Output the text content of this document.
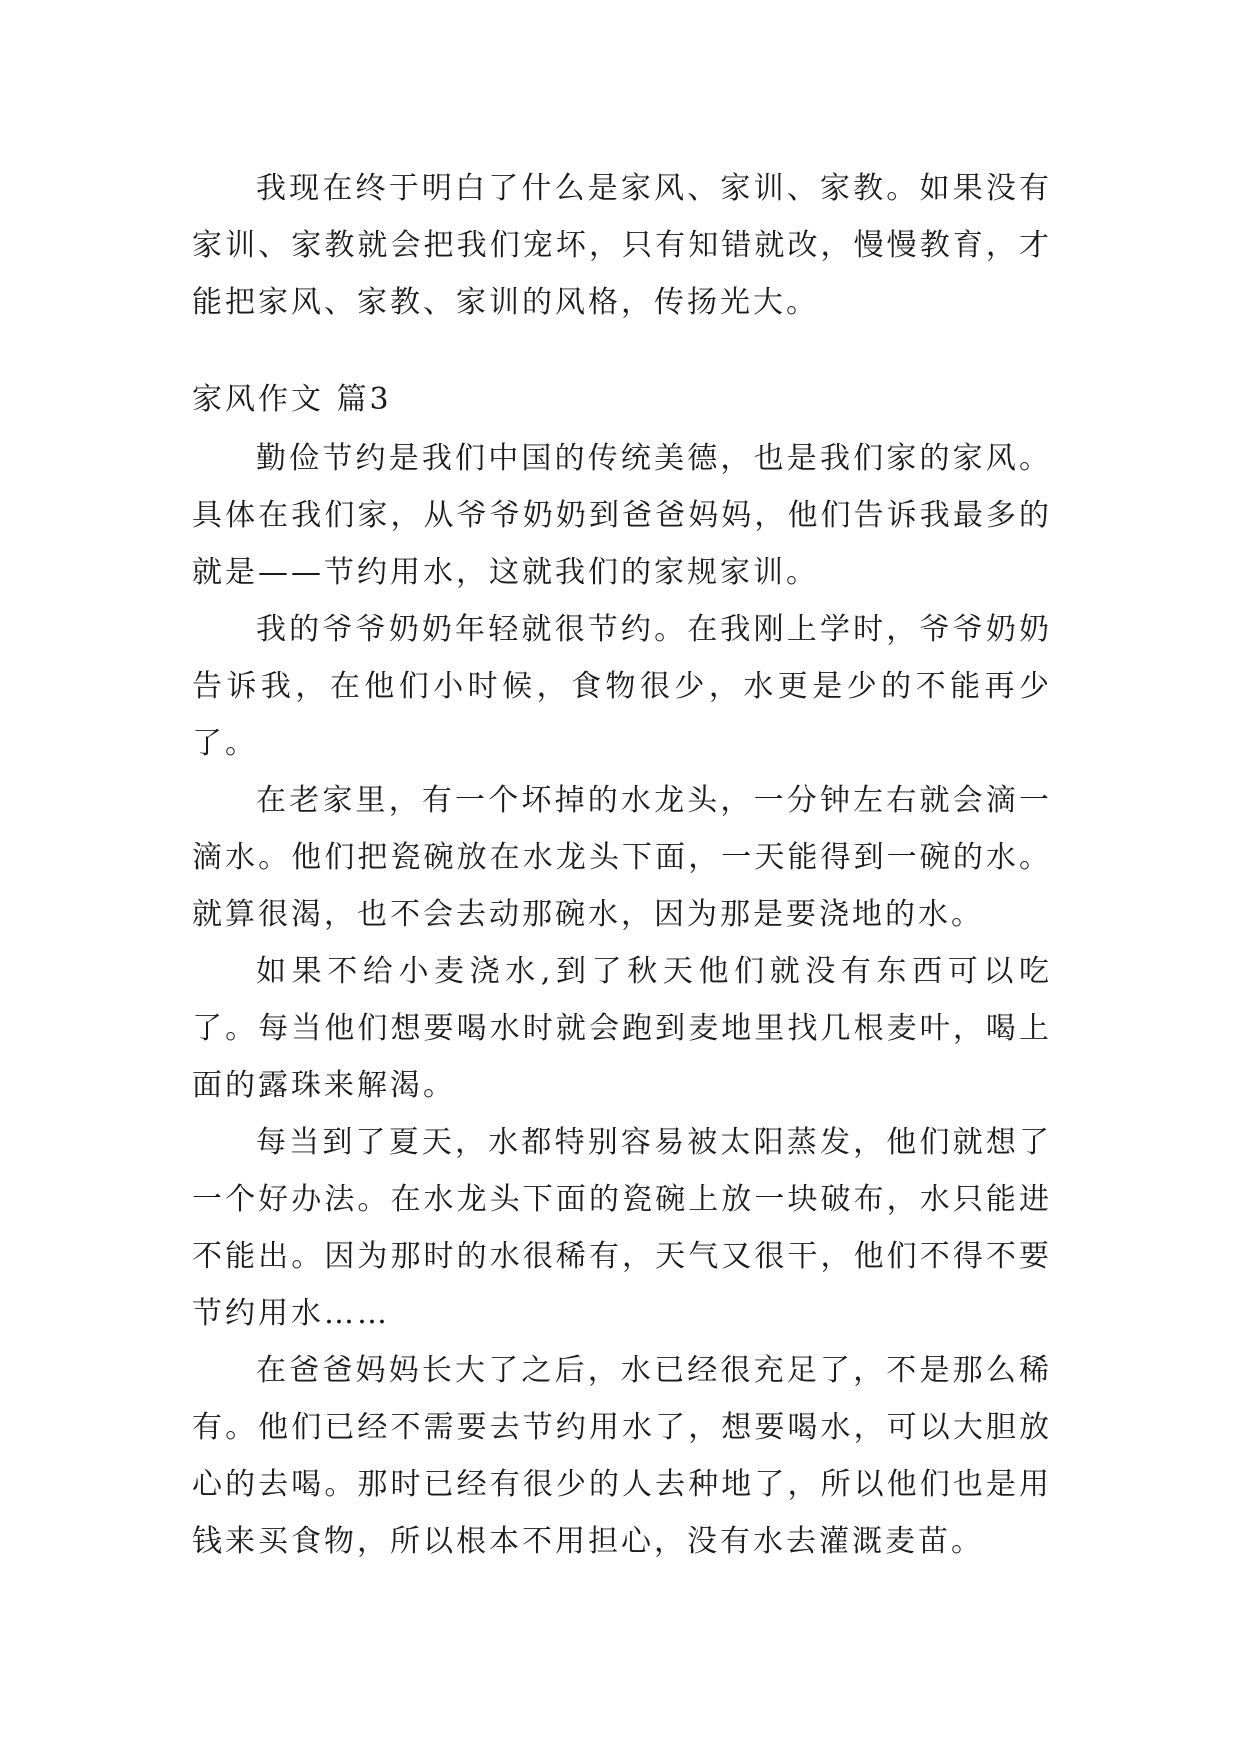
我现在终于明白了什么是家风、家训、家教。如果没有家训、家教就会把我们宠坏，只有知错就改，慢慢教育，才能把家风、家教、家训的风格，传扬光大。

家风作文 篇3

勤俭节约是我们中国的传统美德，也是我们家的家风。具体在我们家，从爷爷奶奶到爸爸妈妈，他们告诉我最多的就是——节约用水，这就我们的家规家训。

我的爷爷奶奶年轻就很节约。在我刚上学时，爷爷奶奶告诉我，在他们小时候，食物很少，水更是少的不能再少了。

在老家里，有一个坏掉的水龙头，一分钟左右就会滴一滴水。他们把瓷碗放在水龙头下面，一天能得到一碗的水。就算很渴，也不会去动那碗水，因为那是要浇地的水。

如果不给小麦浇水,到了秋天他们就没有东西可以吃了。每当他们想要喝水时就会跑到麦地里找几根麦叶，喝上面的露珠来解渴。

每当到了夏天，水都特别容易被太阳蒸发，他们就想了一个好办法。在水龙头下面的瓷碗上放一块破布，水只能进不能出。因为那时的水很稀有，天气又很干，他们不得不要节约用水……

在爸爸妈妈长大了之后，水已经很充足了，不是那么稀有。他们已经不需要去节约用水了，想要喝水，可以大胆放心的去喝。那时已经有很少的人去种地了，所以他们也是用钱来买食物，所以根本不用担心，没有水去灌溉麦苗。
